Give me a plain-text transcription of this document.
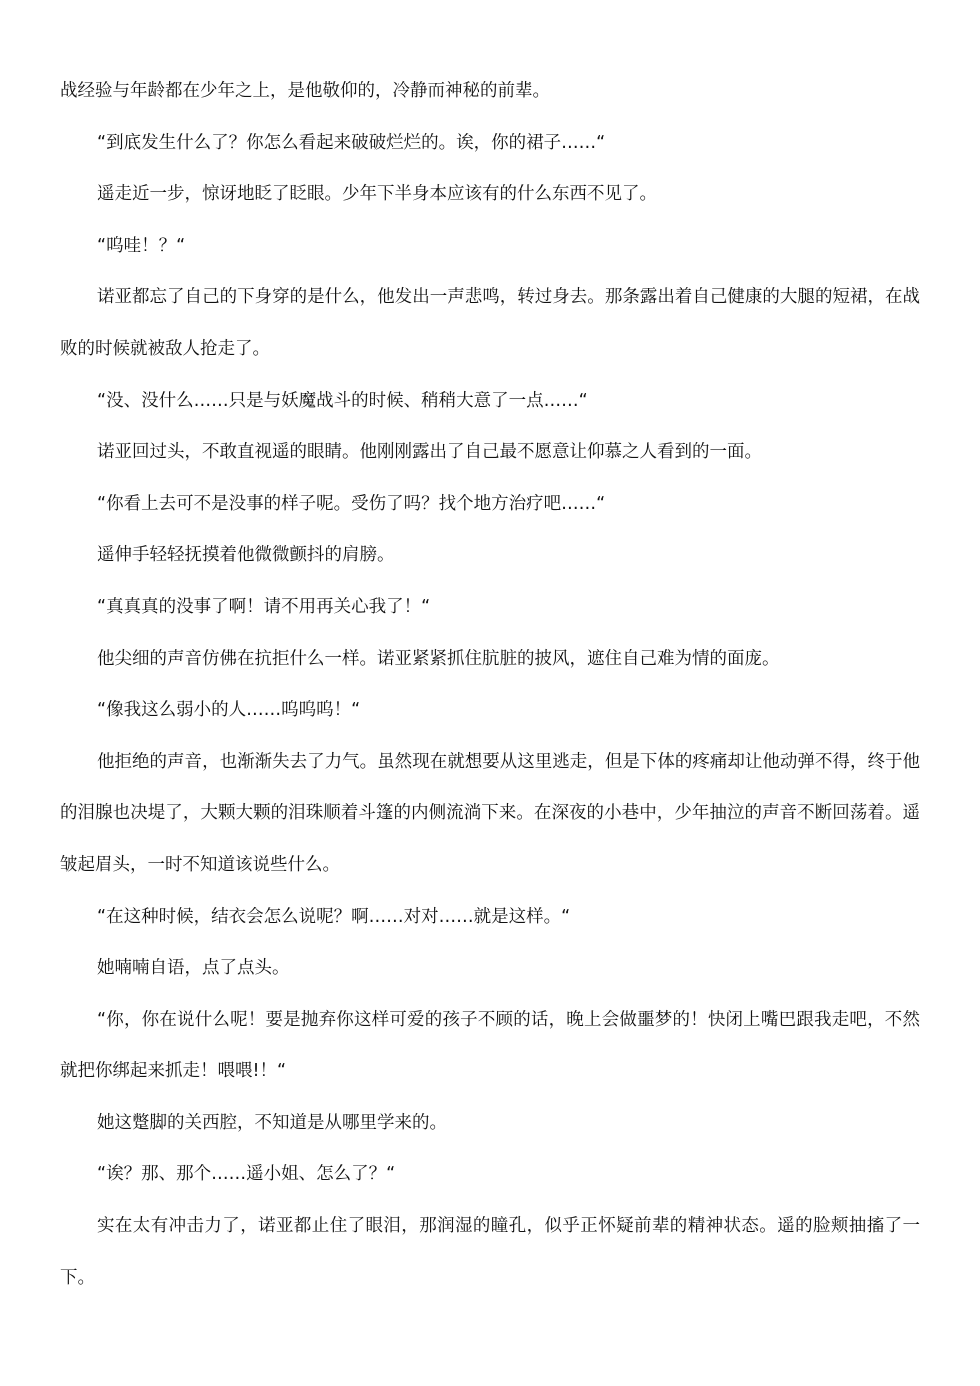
战经验与年龄都在少年之上，是他敬仰的，冷静而神秘的前辈。

“到底发生什么了？你怎么看起来破破烂烂的。诶，你的裙子……“

遥走近一步，惊讶地眨了眨眼。少年下半身本应该有的什么东西不见了。

“呜哇！？“

诺亚都忘了自己的下身穿的是什么，他发出一声悲鸣，转过身去。那条露出着自己健康的大腿的短裙，在战败的时候就被敌人抢走了。

“没、没什么……只是与妖魔战斗的时候、稍稍大意了一点……“

诺亚回过头，不敢直视遥的眼睛。他刚刚露出了自己最不愿意让仰慕之人看到的一面。

“你看上去可不是没事的样子呢。受伤了吗？找个地方治疗吧……“

遥伸手轻轻抚摸着他微微颤抖的肩膀。

“真真真的没事了啊！请不用再关心我了！“

他尖细的声音仿佛在抗拒什么一样。诺亚紧紧抓住肮脏的披风，遮住自己难为情的面庞。

“像我这么弱小的人……呜呜呜！“

他拒绝的声音，也渐渐失去了力气。虽然现在就想要从这里逃走，但是下体的疼痛却让他动弹不得，终于他的泪腺也决堤了，大颗大颗的泪珠顺着斗篷的内侧流淌下来。在深夜的小巷中，少年抽泣的声音不断回荡着。遥皱起眉头，一时不知道该说些什么。

“在这种时候，结衣会怎么说呢？啊……对对……就是这样。“

她喃喃自语，点了点头。

“你，你在说什么呢！要是抛弃你这样可爱的孩子不顾的话，晚上会做噩梦的！快闭上嘴巴跟我走吧，不然就把你绑起来抓走！喂喂!！“

她这蹩脚的关西腔，不知道是从哪里学来的。

“诶？那、那个……遥小姐、怎么了？“

实在太有冲击力了，诺亚都止住了眼泪，那润湿的瞳孔，似乎正怀疑前辈的精神状态。遥的脸颊抽搐了一下。
